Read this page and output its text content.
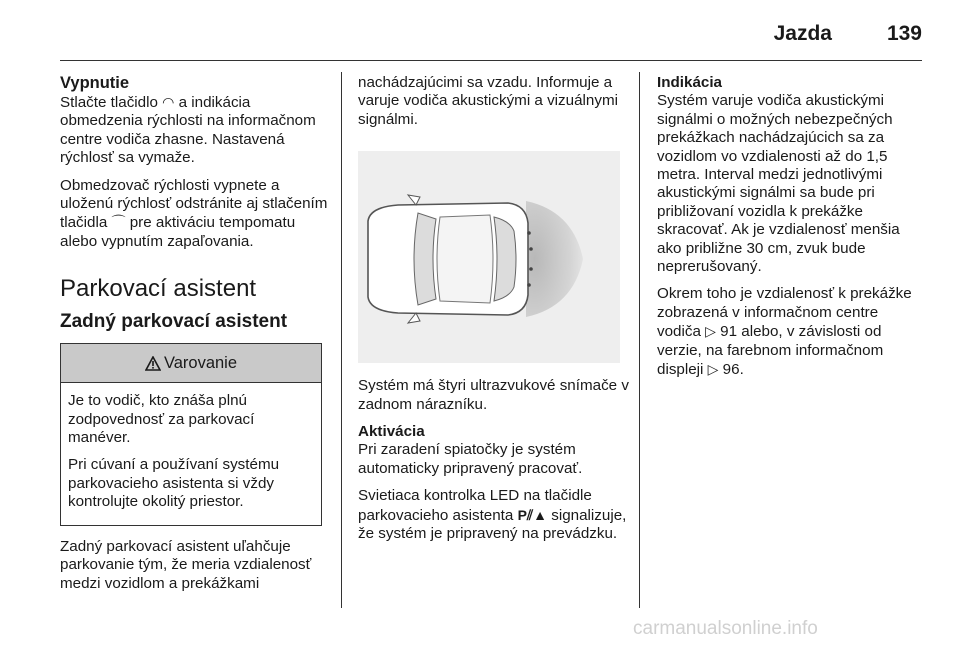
Jazda	139
Vypnutie

Stlačte tlačidlo ◠ a indikácia obmedzenia rýchlosti na informačnom centre vodiča zhasne. Nastavená rýchlosť sa vymaže.

Obmedzovač rýchlosti vypnete a uloženú rýchlosť odstránite aj stlačením tlačidla ⌒ pre aktiváciu tempomatu alebo vypnutím zapaľovania.

Parkovací asistent
Zadný parkovací asistent
Varovanie

Je to vodič, kto znáša plnú zodpovednosť za parkovací manéver.

Pri cúvaní a používaní systému parkovacieho asistenta si vždy kontrolujte okolitý priestor.

Zadný parkovací asistent uľahčuje parkovanie tým, že meria vzdialenosť medzi vozidlom a prekážkami

nachádzajúcimi sa vzadu. Informuje a varuje vodiča akustickými a vizuálnymi signálmi.

Systém má štyri ultrazvukové snímače v zadnom nárazníku.

Aktivácia

Pri zaradení spiatočky je systém automaticky pripravený pracovať.

Svietiaca kontrolka LED na tlačidle parkovacieho asistenta P⫽▲ signalizuje, že systém je pripravený na prevádzku.

Indikácia

Systém varuje vodiča akustickými signálmi o možných nebezpečných prekážkach nachádzajúcich sa za vozidlom vo vzdialenosti až do 1,5 metra. Interval medzi jednotlivými akustickými signálmi sa bude pri približovaní vozidla k prekážke skracovať. Ak je vzdialenosť menšia ako približne 30 cm, zvuk bude neprerušovaný.

Okrem toho je vzdialenosť k prekážke zobrazená v informačnom centre vodiča ▷ 91 alebo, v závislosti od verzie, na farebnom informačnom displeji ▷ 96.

carmanualsonline.info
